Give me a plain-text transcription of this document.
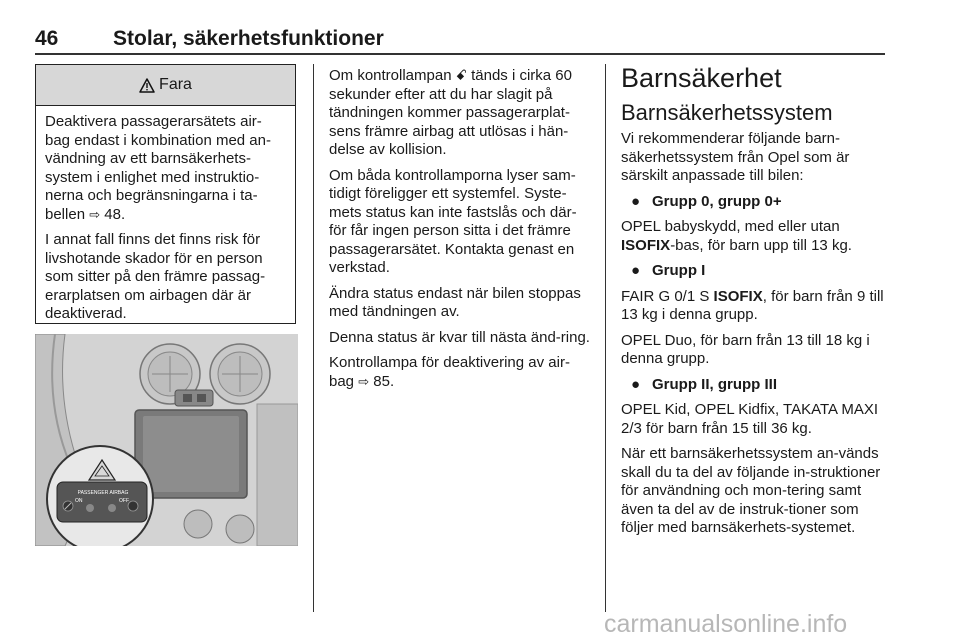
46	Stolar, säkerhetsfunktioner
Fara

Deaktivera passagerarsätets air-bag endast i kombination med an-vändning av ett barnsäkerhets-system i enlighet med instruktio-nerna och begränsningarna i ta-bellen ⇨ 48.

I annat fall finns det finns risk för livshotande skador för en person som sitter på den främre passag-erarplatsen om airbagen där är deaktiverad.

PASSENGER AIRBAG
ON	OFF

Om kontrollampan ꗃ tänds i cirka 60 sekunder efter att du har slagit på tändningen kommer passagerarplat-sens främre airbag att utlösas i hän-delse av kollision.

Om båda kontrollamporna lyser sam-tidigt föreligger ett systemfel. Syste-mets status kan inte fastslås och där-för får ingen person sitta i det främre passagerarsätet. Kontakta genast en verkstad.

Ändra status endast när bilen stoppas med tändningen av.

Denna status är kvar till nästa änd-ring.

Kontrollampa för deaktivering av air-bag ⇨ 85.

Barnsäkerhet
Barnsäkerhetssystem

Vi rekommenderar följande barn-säkerhetssystem från Opel som är särskilt anpassade till bilen:

● Grupp 0, grupp 0+

OPEL babyskydd, med eller utan ISOFIX-bas, för barn upp till 13 kg.

● Grupp I

FAIR G 0/1 S ISOFIX, för barn från 9 till 13 kg i denna grupp.

OPEL Duo, för barn från 13 till 18 kg i denna grupp.

● Grupp II, grupp III

OPEL Kid, OPEL Kidfix, TAKATA MAXI 2/3 för barn från 15 till 36 kg.

När ett barnsäkerhetssystem an-vänds skall du ta del av följande in-struktioner för användning och mon-tering samt även ta del av de instruk-tioner som följer med barnsäkerhets-systemet.

carmanualsonline.info
